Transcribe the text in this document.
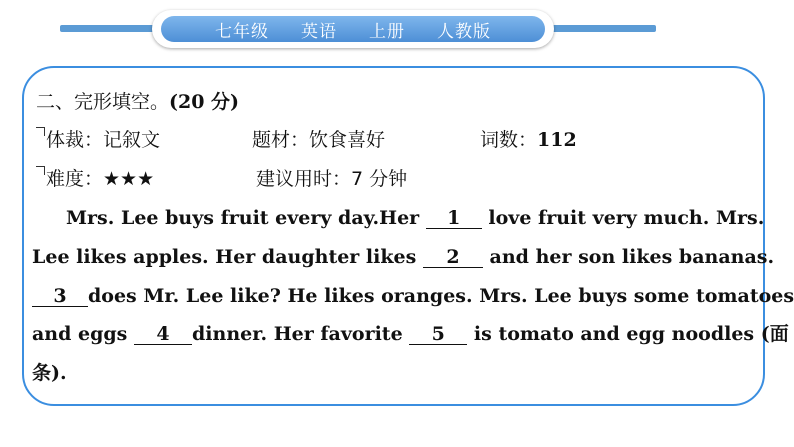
七年级 英语 上册 人教版
二、完形填空。(20 分)
体裁：记叙文	题材：饮食喜好	词数：112
难度：★★★	建议用时：7 分钟
Mrs. Lee buys fruit every day.Her 1 love fruit very much. Mrs.
Lee likes apples. Her daughter likes 2 and her son likes bananas.
3 does Mr. Lee like? He likes oranges. Mrs. Lee buys some tomatoes
and eggs 4 dinner. Her favorite 5 is tomato and egg noodles (面
条).
